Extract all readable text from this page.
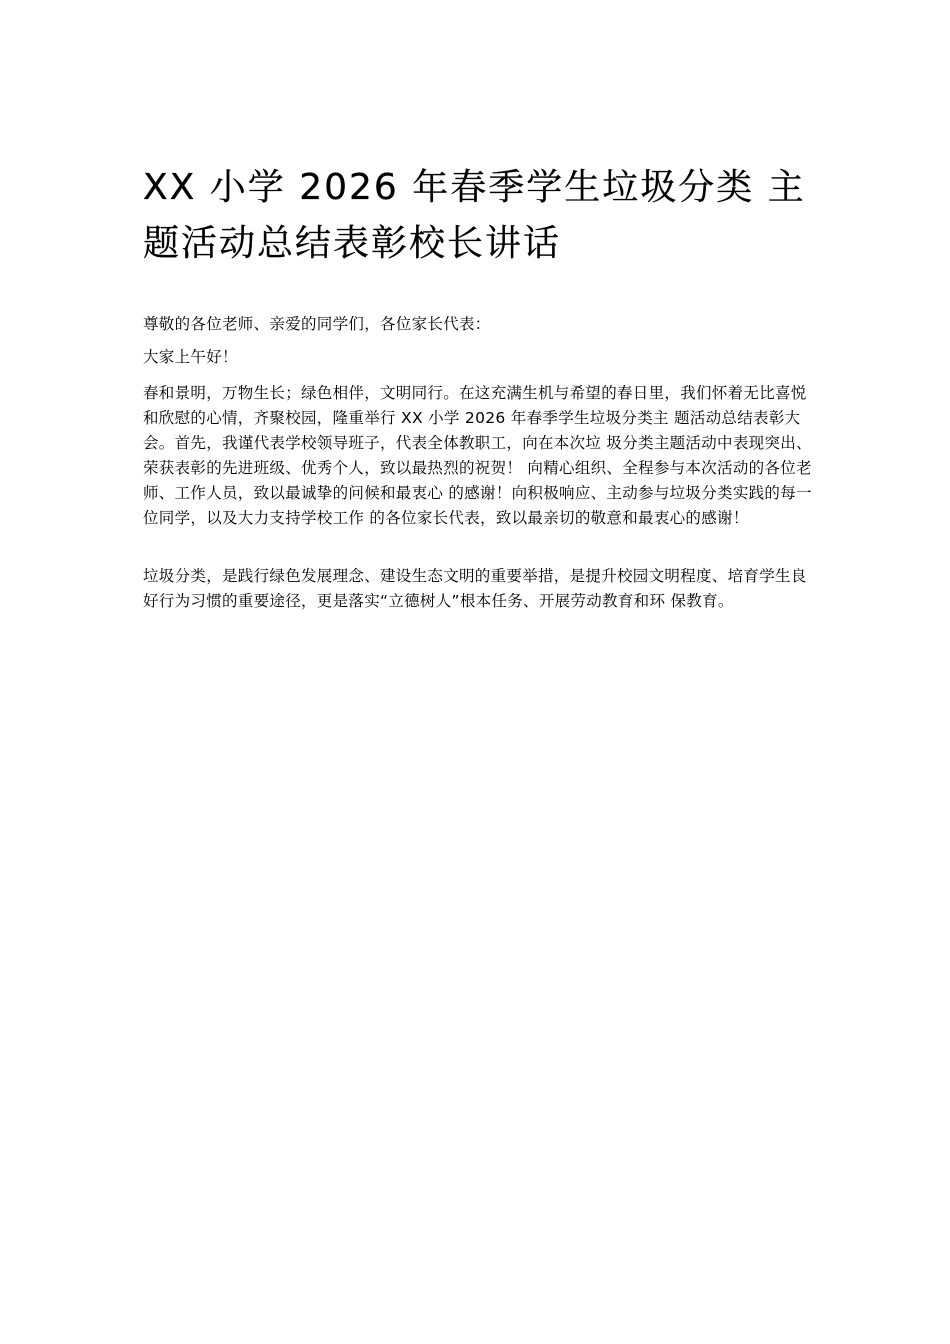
XX 小学 2026 年春季学生垃圾分类 主题活动总结表彰校长讲话

尊敬的各位老师、亲爱的同学们，各位家长代表：

大家上午好！

春和景明，万物生长；绿色相伴，文明同行。在这充满生机与希望的春日里，我们怀着无比喜悦和欣慰的心情，齐聚校园，隆重举行 XX 小学 2026 年春季学生垃圾分类主 题活动总结表彰大会。首先，我谨代表学校领导班子，代表全体教职工，向在本次垃 圾分类主题活动中表现突出、荣获表彰的先进班级、优秀个人，致以最热烈的祝贺！ 向精心组织、全程参与本次活动的各位老师、工作人员，致以最诚挚的问候和最衷心 的感谢！向积极响应、主动参与垃圾分类实践的每一位同学，以及大力支持学校工作 的各位家长代表，致以最亲切的敬意和最衷心的感谢！

垃圾分类，是践行绿色发展理念、建设生态文明的重要举措，是提升校园文明程度、培育学生良好行为习惯的重要途径，更是落实“立德树人”根本任务、开展劳动教育和环 保教育。
